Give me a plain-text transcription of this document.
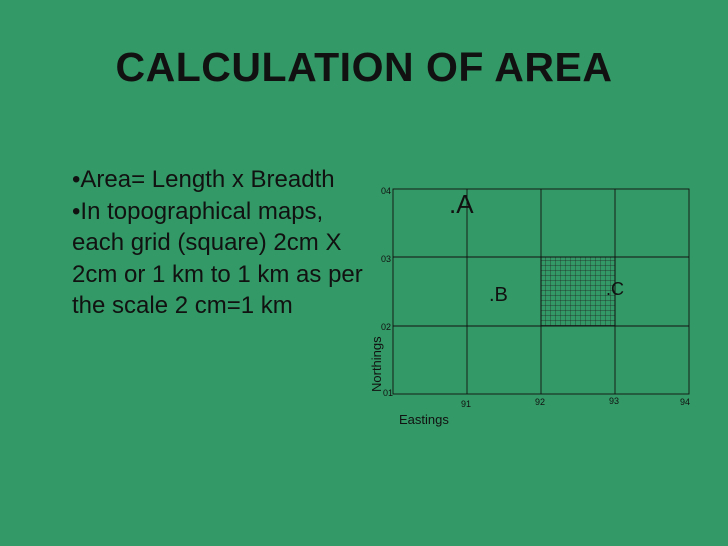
CALCULATION OF AREA
•Area= Length x Breadth
•In topographical maps, each grid (square) 2cm X 2cm or 1 km to 1 km as per the scale 2 cm=1 km
04
03
02
01
91	92	93	94
.A
.B	.C
Eastings
Northings
